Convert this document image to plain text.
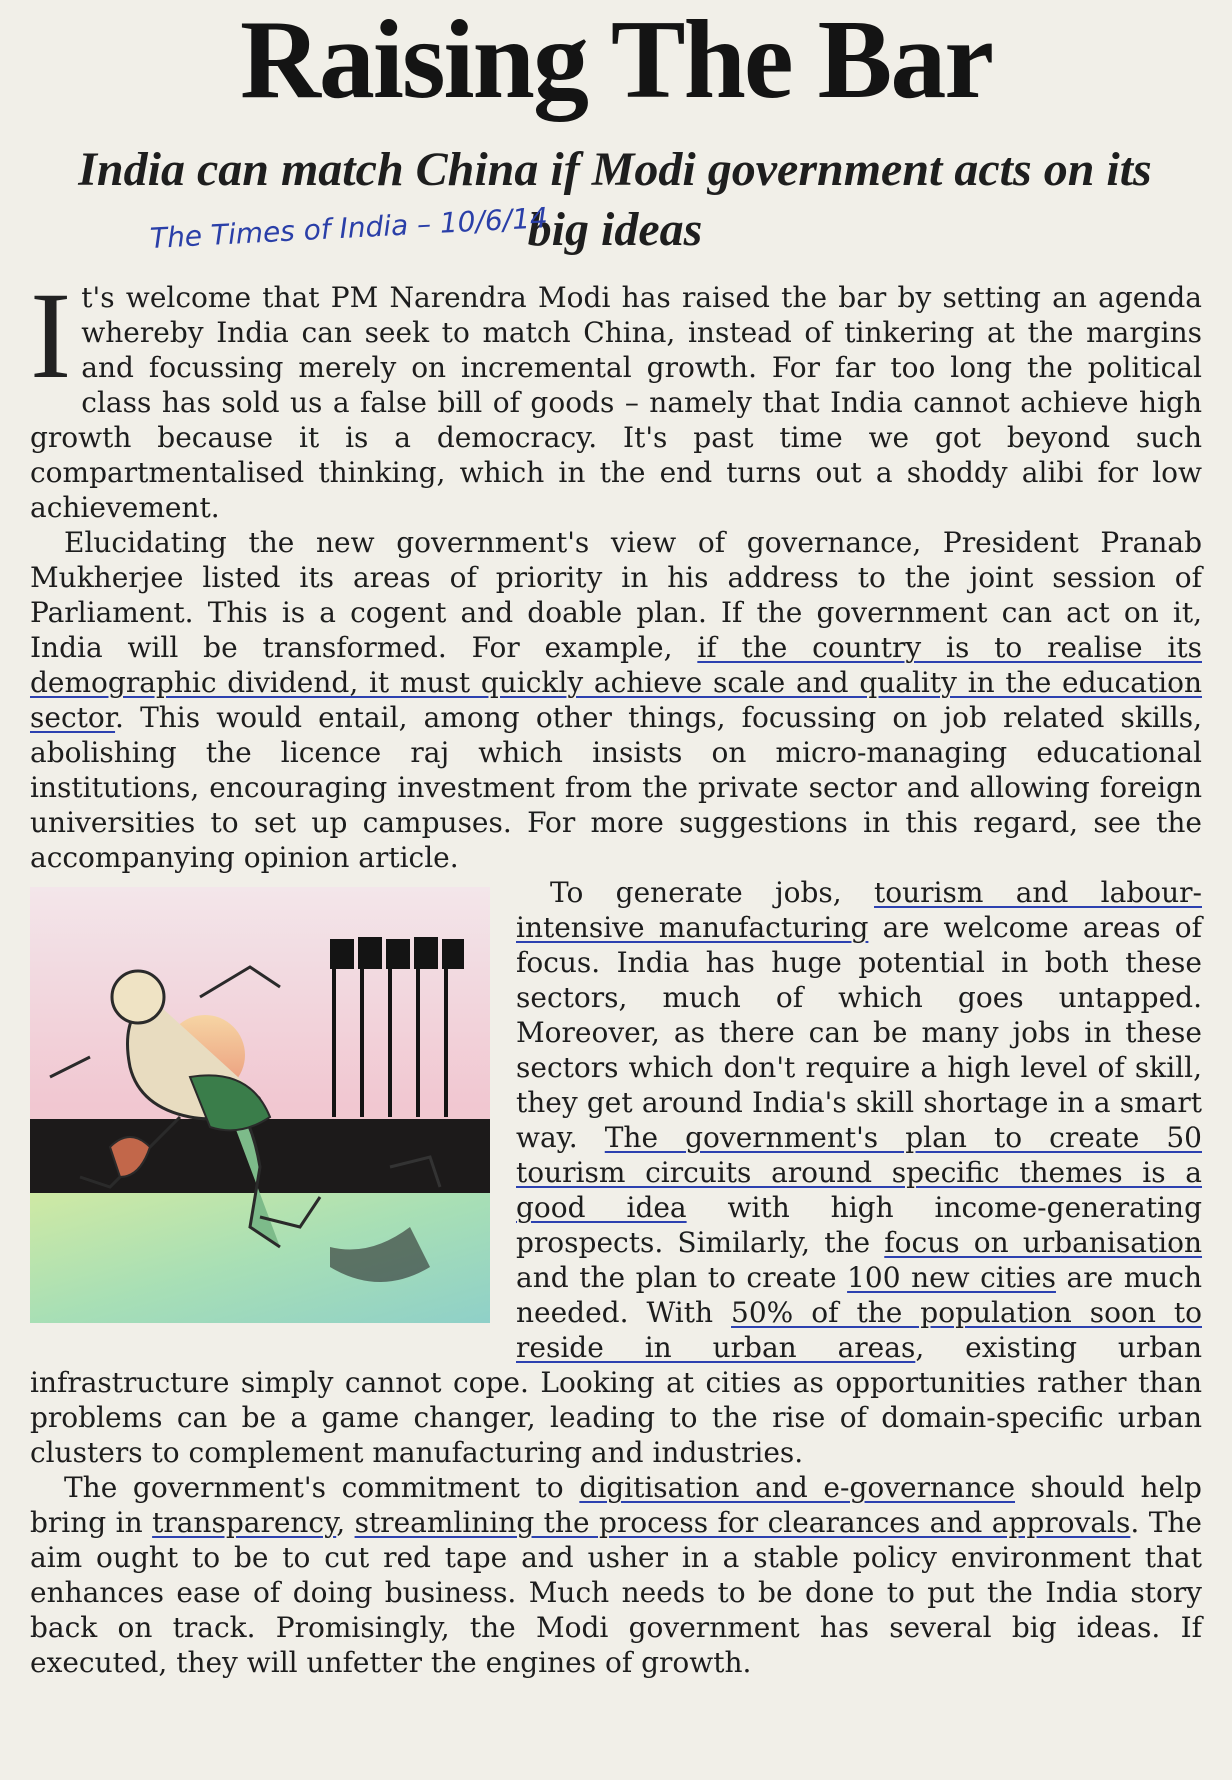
Raising The Bar
India can match China if Modi government acts on its big ideas
The Times of India – 10/6/14

It's welcome that PM Narendra Modi has raised the bar by setting an agenda whereby India can seek to match China, instead of tinkering at the margins and focussing merely on incremental growth. For far too long the political class has sold us a false bill of goods – namely that India cannot achieve high growth because it is a democracy. It's past time we got beyond such compartmentalised thinking, which in the end turns out a shoddy alibi for low achievement.

Elucidating the new government's view of governance, President Pranab Mukherjee listed its areas of priority in his address to the joint session of Parliament. This is a cogent and doable plan. If the government can act on it, India will be transformed. For example, if the country is to realise its demographic dividend, it must quickly achieve scale and quality in the education sector. This would entail, among other things, focussing on job related skills, abolishing the licence raj which insists on micro-managing educational institutions, encouraging investment from the private sector and allowing foreign universities to set up campuses. For more suggestions in this regard, see the accompanying opinion article.

To generate jobs, tourism and labour-intensive manufacturing are welcome areas of focus. India has huge potential in both these sectors, much of which goes untapped. Moreover, as there can be many jobs in these sectors which don't require a high level of skill, they get around India's skill shortage in a smart way. The government's plan to create 50 tourism circuits around specific themes is a good idea with high income-generating prospects. Similarly, the focus on urbanisation and the plan to create 100 new cities are much needed. With 50% of the population soon to reside in urban areas, existing urban infrastructure simply cannot cope. Looking at cities as opportunities rather than problems can be a game changer, leading to the rise of domain-specific urban clusters to complement manufacturing and industries.

The government's commitment to digitisation and e-governance should help bring in transparency, streamlining the process for clearances and approvals. The aim ought to be to cut red tape and usher in a stable policy environment that enhances ease of doing business. Much needs to be done to put the India story back on track. Promisingly, the Modi government has several big ideas. If executed, they will unfetter the engines of growth.
